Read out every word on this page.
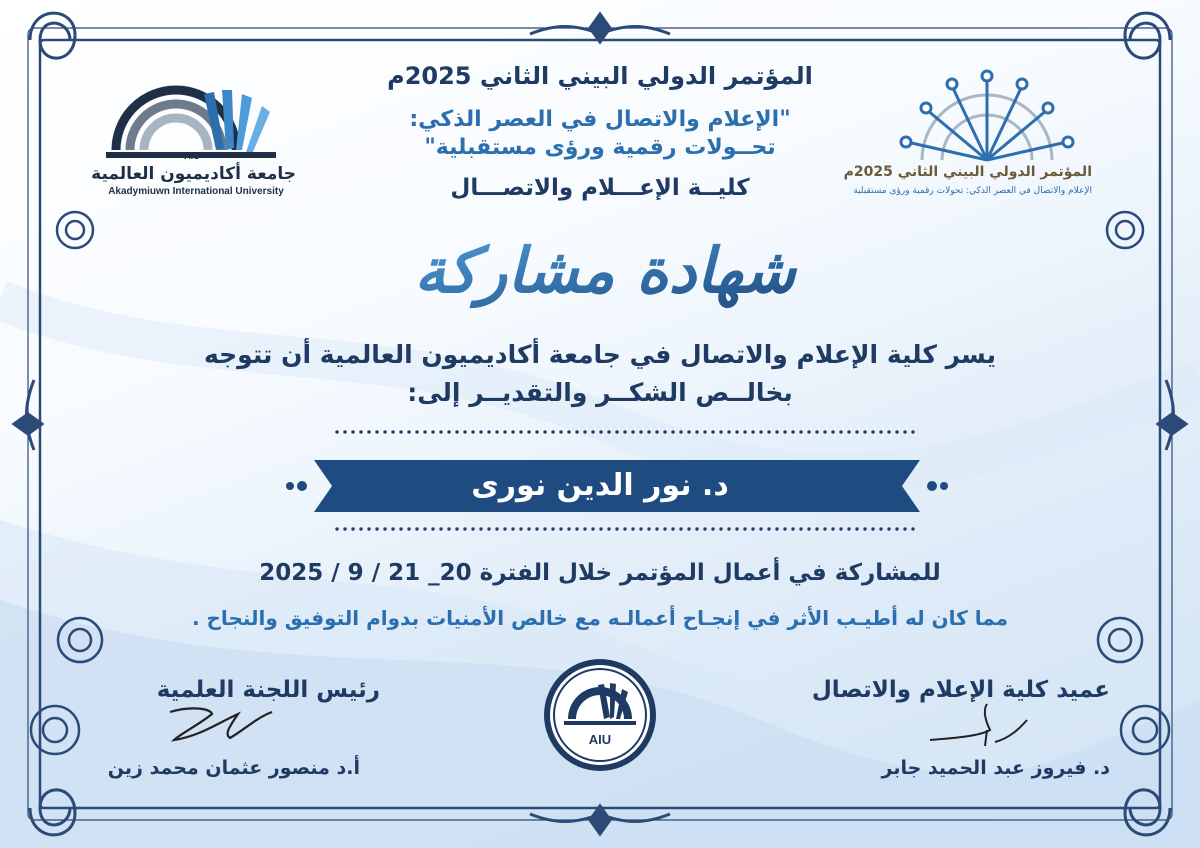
AIU
جامعة أكاديميون العالمية
Akadymiuwn International University
المؤتمر الدولي البيني الثاني 2025م
الإعلام والاتصال في العصر الذكي: تحولات رقمية ورؤى مستقبلية
المؤتمر الدولي البيني الثاني 2025م
"الإعلام والاتصال في العصر الذكي:
تحــولات رقمية ورؤى مستقبلية"
كليــة الإعـــلام والاتصـــال
شهادة مشاركة
يسر كلية الإعلام والاتصال في جامعة أكاديميون العالمية أن تتوجه
بخالــص الشكــر والتقديــر إلى:
د. نور الدين نورى
للمشاركة في أعمال المؤتمر خلال الفترة 20_ 21 / 9 / 2025
مما كان له أطيـب الأثر في إنجـاح أعمالـه مع خالص الأمنيات بدوام التوفيق والنجاح .
عميد كلية الإعلام والاتصال
د. فيروز عبد الحميد جابر
رئيس اللجنة العلمية
أ.د منصور عثمان محمد زين
AIU
